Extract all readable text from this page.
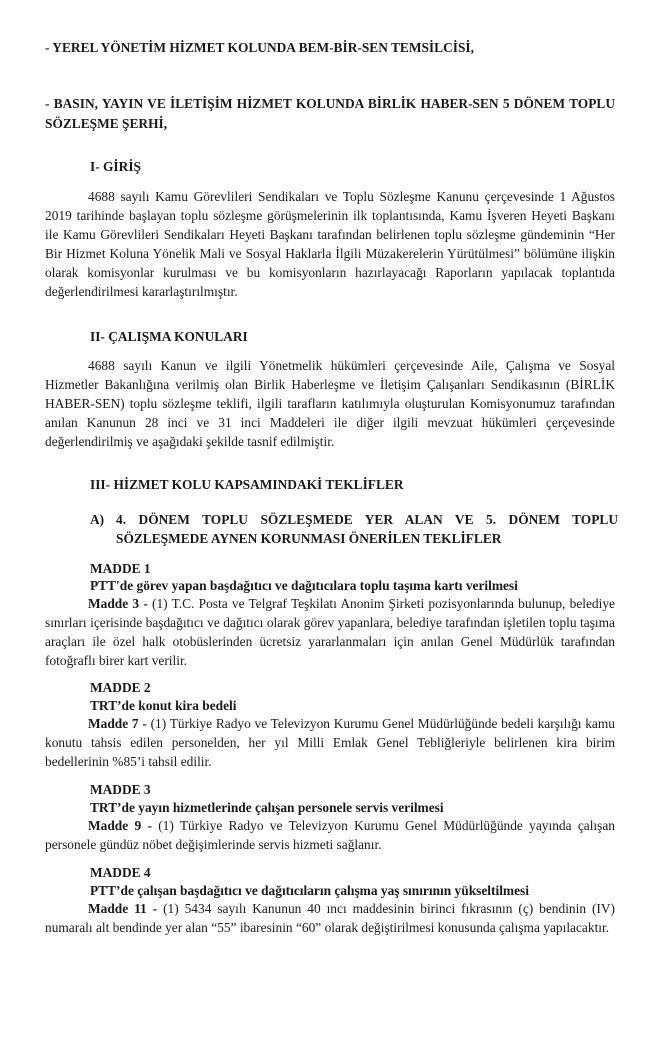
- YEREL YÖNETİM HİZMET KOLUNDA BEM-BİR-SEN TEMSİLCİSİ,
- BASIN, YAYIN VE İLETİŞİM HİZMET KOLUNDA BİRLİK HABER-SEN 5 DÖNEM TOPLU SÖZLEŞME ŞERHİ,
I- GİRİŞ
4688 sayılı Kamu Görevlileri Sendikaları ve Toplu Sözleşme Kanunu çerçevesinde 1 Ağustos 2019 tarihinde başlayan toplu sözleşme görüşmelerinin ilk toplantısında, Kamu İşveren Heyeti Başkanı ile Kamu Görevlileri Sendikaları Heyeti Başkanı tarafından belirlenen toplu sözleşme gündeminin “Her Bir Hizmet Koluna Yönelik Mali ve Sosyal Haklarla İlgili Müzakerelerin Yürütülmesi” bölümüne ilişkin olarak komisyonlar kurulması ve bu komisyonların hazırlayacağı Raporların yapılacak toplantıda değerlendirilmesi kararlaştırılmıştır.
II- ÇALIŞMA KONULARI
4688 sayılı Kanun ve ilgili Yönetmelik hükümleri çerçevesinde Aile, Çalışma ve Sosyal Hizmetler Bakanlığına verilmiş olan Birlik Haberleşme ve İletişim Çalışanları Sendikasının (BİRLİK HABER-SEN) toplu sözleşme teklifi, ilgili tarafların katılımıyla oluşturulan Komisyonumuz tarafından anılan Kanunun 28 inci ve 31 inci Maddeleri ile diğer ilgili mevzuat hükümleri çerçevesinde değerlendirilmiş ve aşağıdaki şekilde tasnif edilmiştir.
III- HİZMET KOLU KAPSAMINDAKİ TEKLİFLER
A) 4. DÖNEM TOPLU SÖZLEŞMEDE YER ALAN VE 5. DÖNEM TOPLU SÖZLEŞMEDE AYNEN KORUNMASI ÖNERİLEN TEKLİFLER
MADDE 1
PTT'de görev yapan başdağıtıcı ve dağıtıcılara toplu taşıma kartı verilmesi
Madde 3 - (1) T.C. Posta ve Telgraf Teşkilatı Anonim Şirketi pozisyonlarında bulunup, belediye sınırları içerisinde başdağıtıcı ve dağıtıcı olarak görev yapanlara, belediye tarafından işletilen toplu taşıma araçları ile özel halk otobüslerinden ücretsiz yararlanmaları için anılan Genel Müdürlük tarafından fotoğraflı birer kart verilir.
MADDE 2
TRT’de konut kira bedeli
Madde 7 - (1) Türkiye Radyo ve Televizyon Kurumu Genel Müdürlüğünde bedeli karşılığı kamu konutu tahsis edilen personelden, her yıl Milli Emlak Genel Tebliğleriyle belirlenen kira birim bedellerinin %85’i tahsil edilir.
MADDE 3
TRT’de yayın hizmetlerinde çalışan personele servis verilmesi
Madde 9 - (1) Türkiye Radyo ve Televizyon Kurumu Genel Müdürlüğünde yayında çalışan personele gündüz nöbet değişimlerinde servis hizmeti sağlanır.
MADDE 4
PTT’de çalışan başdağıtıcı ve dağıtıcıların çalışma yaş sınırının yükseltilmesi
Madde 11 - (1) 5434 sayılı Kanunun 40 ıncı maddesinin birinci fıkrasının (ç) bendinin (IV) numaralı alt bendinde yer alan “55” ibaresinin “60” olarak değiştirilmesi konusunda çalışma yapılacaktır.
